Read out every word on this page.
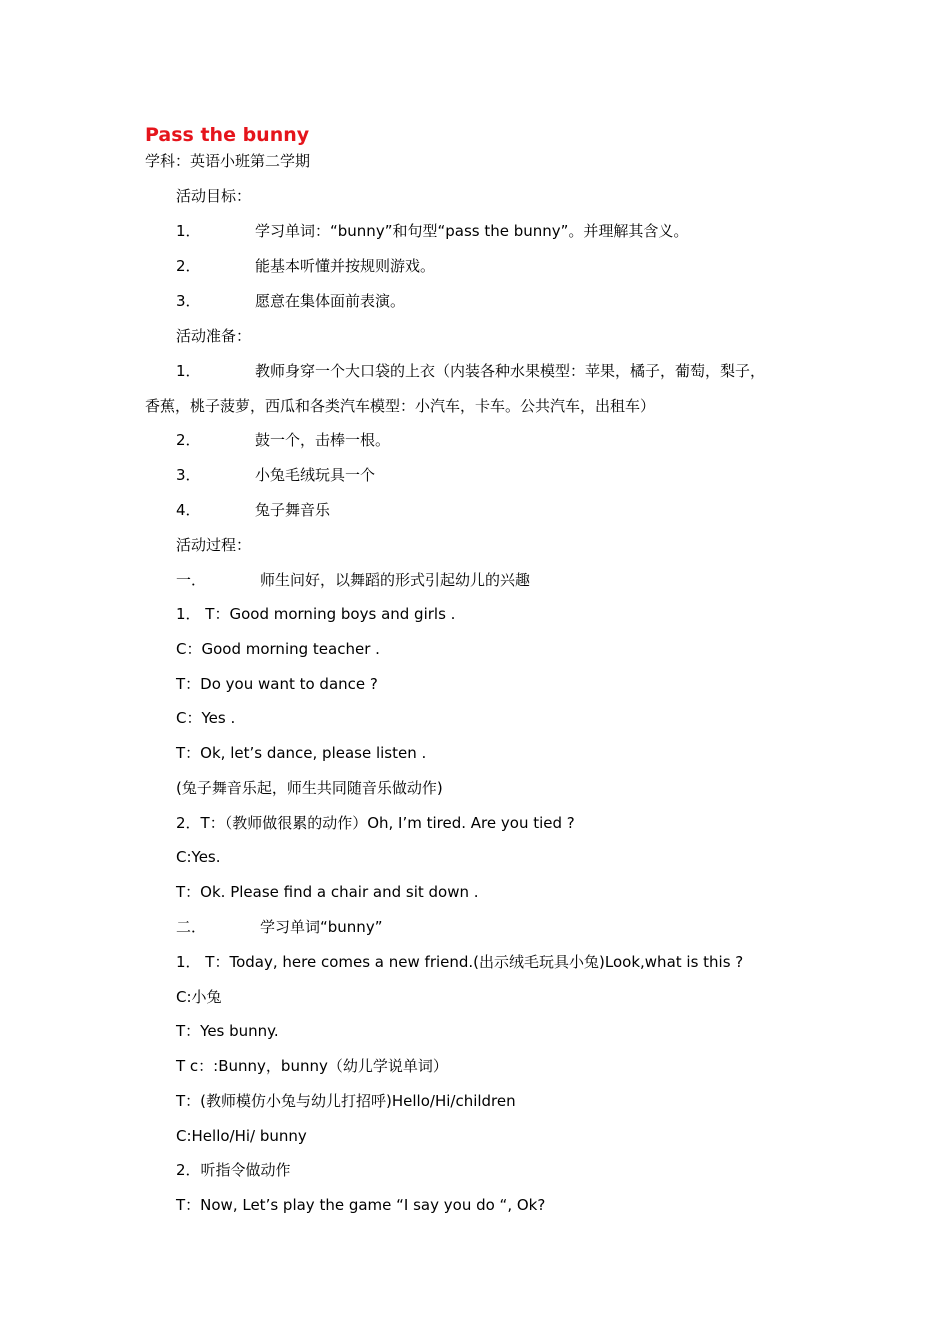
Pass the bunny
学科：英语小班第二学期
活动目标：
1．	学习单词：“bunny”和句型“pass the bunny”。并理解其含义。
2．	能基本听懂并按规则游戏。
3．	愿意在集体面前表演。
活动准备：
1．	教师身穿一个大口袋的上衣（内装各种水果模型：苹果，橘子，葡萄，梨子，
香蕉，桃子菠萝，西瓜和各类汽车模型：小汽车，卡车。公共汽车，出租车）
2．	鼓一个，击棒一根。
3．	小兔毛绒玩具一个
4．	兔子舞音乐
活动过程：
一．	师生问好，以舞蹈的形式引起幼儿的兴趣
1． T：Good morning boys and girls .
C：Good morning teacher .
T：Do you want to dance ?
C：Yes .
T：Ok, let’s dance, please listen .
(兔子舞音乐起，师生共同随音乐做动作)
2．T：（教师做很累的动作）Oh, I’m tired. Are you tied ?
C:Yes.
T：Ok. Please find a chair and sit down .
二．	学习单词“bunny”
1． T：Today, here comes a new friend.(出示绒毛玩具小兔)Look,what is this ?
C:小兔
T：Yes bunny.
T c：:Bunny，bunny（幼儿学说单词）
T：(教师模仿小兔与幼儿打招呼)Hello/Hi/children
C:Hello/Hi/ bunny
2．听指令做动作
T：Now, Let’s play the game “I say you do “, Ok?
